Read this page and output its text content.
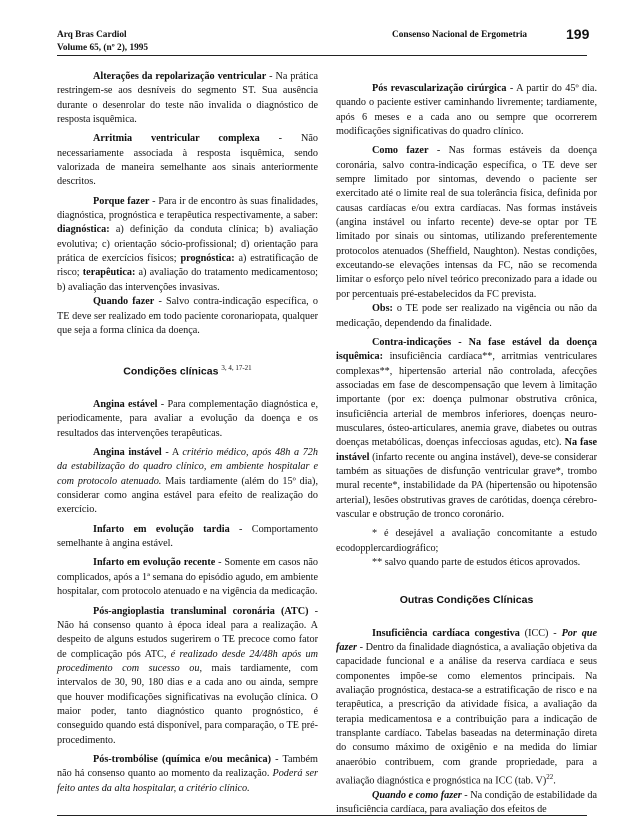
Arq Bras Cardiol
Volume 65, (nº 2), 1995
Consenso Nacional de Ergometria	199

Alterações da repolarização ventricular - Na prática restringem-se aos desníveis do segmento ST. Sua ausência durante o desenrolar do teste não invalida o diagnóstico de resposta isquêmica.

Arritmia ventricular complexa - Não necessariamente associada à resposta isquêmica, sendo valorizada de maneira semelhante aos sinais anteriormente descritos.

Porque fazer - Para ir de encontro às suas finalidades, diagnóstica, prognóstica e terapêutica respectivamente, a saber: diagnóstica: a) definição da conduta clínica; b) avaliação evolutiva; c) orientação sócio-profissional; d) orientação para prática de exercícios físicos; prognóstica: a) estratificação de risco; terapêutica: a) avaliação do tratamento medicamentoso; b) avaliação das intervenções invasivas.

Quando fazer - Salvo contra-indicação específica, o TE deve ser realizado em todo paciente coronariopata, qualquer que seja a forma clínica da doença.

Condições clínicas $^{3, 4, 17-21}$

Angina estável - Para complementação diagnóstica e, periodicamente, para avaliar a evolução da doença e os resultados das intervenções terapêuticas.

Angina instável - A critério médico, após 48h a 72h da estabilização do quadro clínico, em ambiente hospitalar e com protocolo atenuado. Mais tardiamente (além do 15º dia), considerar como angina estável para efeito de realização do exercício.

Infarto em evolução tardia - Comportamento semelhante à angina estável.

Infarto em evolução recente - Somente em casos não complicados, após a 1ª semana do episódio agudo, em ambiente hospitalar, com protocolo atenuado e na vigência da medicação.

Pós-angioplastia transluminal coronária (ATC) - Não há consenso quanto à época ideal para a realização. A despeito de alguns estudos sugerirem o TE precoce como fator de complicação pós ATC, é realizado desde 24/48h após um procedimento com sucesso ou, mais tardiamente, com intervalos de 30, 90, 180 dias e a cada ano ou ainda, sempre que houver modificações significativas na evolução clínica. O maior poder, tanto diagnóstico quanto prognóstico, é conseguido quando está disponível, para comparação, o TE pré-procedimento.

Pós-trombólise (química e/ou mecânica) - Também não há consenso quanto ao momento da realização. Poderá ser feito antes da alta hospitalar, a critério clínico.

Pós revascularização cirúrgica - A partir do 45º dia. quando o paciente estiver caminhando livremente; tardiamente, após 6 meses e a cada ano ou sempre que ocorrerem modificações significativas do quadro clínico.

Como fazer - Nas formas estáveis da doença coronária, salvo contra-indicação específica, o TE deve ser sempre limitado por sintomas, devendo o paciente ser exercitado até o limite real de sua tolerância física, definida por causas cardíacas e/ou extra cardíacas. Nas formas instáveis (angina instável ou infarto recente) deve-se optar por TE limitado por sinais ou sintomas, utilizando preferentemente protocolos atenuados (Sheffield, Naughton). Nestas condições, exceutando-se elevações intensas da FC, não se recomenda limitar o esforço pelo nível teórico preconizado para a idade ou por percentuais pré-estabelecidos da FC prevista.

Obs: o TE pode ser realizado na vigência ou não da medicação, dependendo da finalidade.

Contra-indicações - Na fase estável da doença isquêmica: insuficiência cardíaca**, arritmias ventriculares complexas**, hipertensão arterial não controlada, afecções associadas em fase de descompensação que levem à limitação importante (por ex: doença pulmonar obstrutiva crônica, insuficiência arterial de membros inferiores, doenças neuro-musculares, ósteo-articulares, anemia grave, diabetes ou outras doenças metabólicas, doenças infecciosas agudas, etc). Na fase instável (infarto recente ou angina instável), deve-se considerar também as situações de disfunção ventricular grave*, trombo mural recente*, instabilidade da PA (hipertensão ou hipotensão arterial), lesões obstrutivas graves de carótidas, doença cérebro-vascular e obstrução de tronco coronário.

* é desejável a avaliação concomitante a estudo ecodopplercardiográfico;

** salvo quando parte de estudos éticos aprovados.

Outras Condições Clínicas

Insuficiência cardíaca congestiva (ICC) - Por que fazer - Dentro da finalidade diagnóstica, a avaliação objetiva da capacidade funcional e a análise da reserva cardíaca e seus componentes impõe-se como elementos principais. Na avaliação prognóstica, destaca-se a estratificação de risco e na terapêutica, a prescrição da atividade física, a avaliação da terapia medicamentosa e a contribuição para a indicação de transplante cardíaco. Tabelas baseadas na determinação direta do consumo máximo de oxigênio e na medida do limiar anaeróbio contribuem, com grande propriedade, para a avaliação diagnóstica e prognóstica na ICC (tab. V)$^{22}$.

Quando e como fazer - Na condição de estabilidade da insuficiência cardíaca, para avaliação dos efeitos de
